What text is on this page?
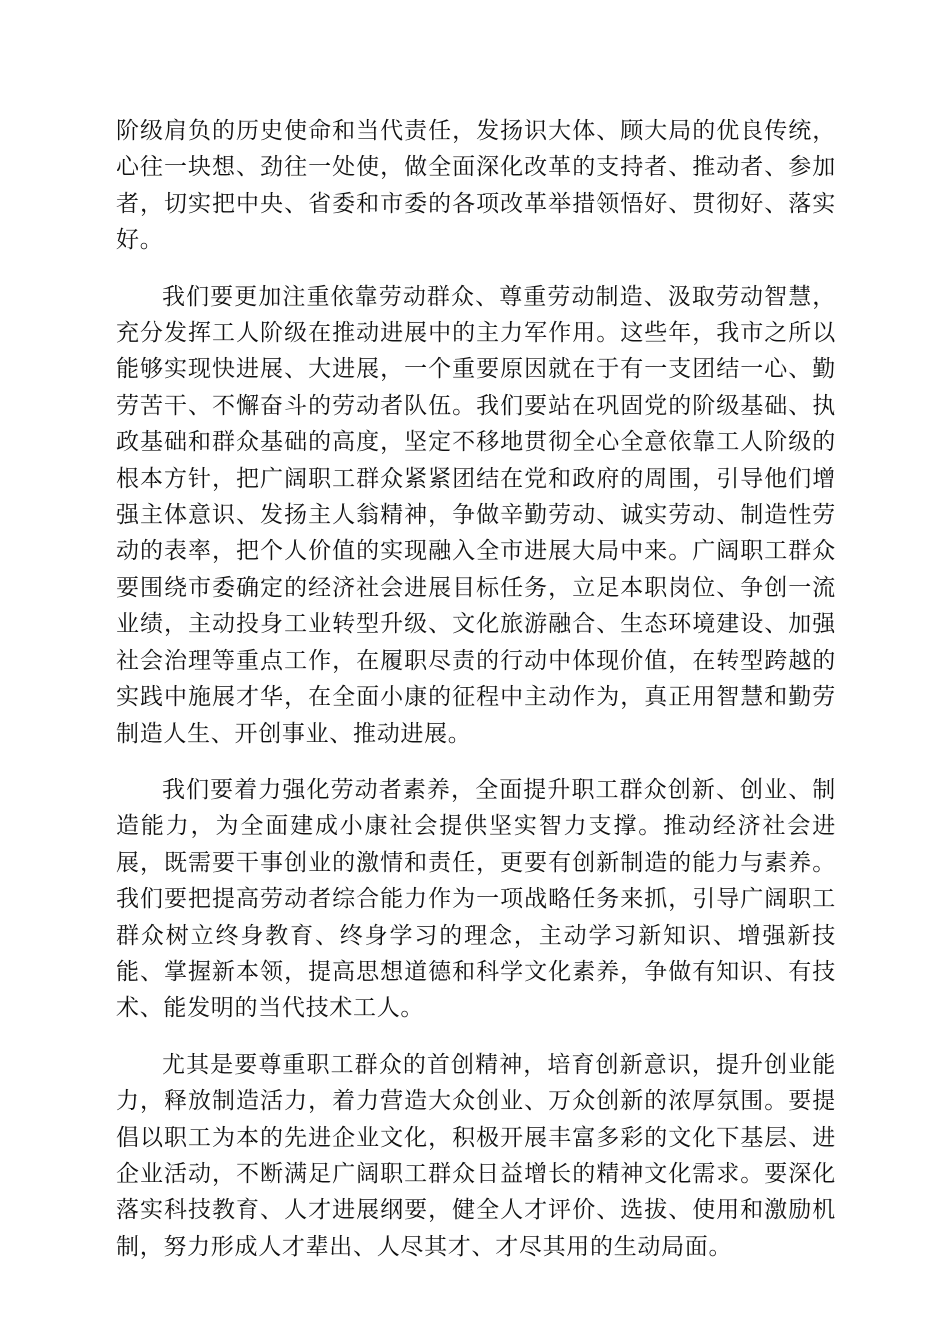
阶级肩负的历史使命和当代责任，发扬识大体、顾大局的优良传统，心往一块想、劲往一处使，做全面深化改革的支持者、推动者、参加者，切实把中央、省委和市委的各项改革举措领悟好、贯彻好、落实好。

我们要更加注重依靠劳动群众、尊重劳动制造、汲取劳动智慧，充分发挥工人阶级在推动进展中的主力军作用。这些年，我市之所以能够实现快进展、大进展，一个重要原因就在于有一支团结一心、勤劳苦干、不懈奋斗的劳动者队伍。我们要站在巩固党的阶级基础、执政基础和群众基础的高度，坚定不移地贯彻全心全意依靠工人阶级的根本方针，把广阔职工群众紧紧团结在党和政府的周围，引导他们增强主体意识、发扬主人翁精神，争做辛勤劳动、诚实劳动、制造性劳动的表率，把个人价值的实现融入全市进展大局中来。广阔职工群众要围绕市委确定的经济社会进展目标任务，立足本职岗位、争创一流业绩，主动投身工业转型升级、文化旅游融合、生态环境建设、加强社会治理等重点工作，在履职尽责的行动中体现价值，在转型跨越的实践中施展才华，在全面小康的征程中主动作为，真正用智慧和勤劳制造人生、开创事业、推动进展。

我们要着力强化劳动者素养，全面提升职工群众创新、创业、制造能力，为全面建成小康社会提供坚实智力支撑。推动经济社会进展，既需要干事创业的激情和责任，更要有创新制造的能力与素养。我们要把提高劳动者综合能力作为一项战略任务来抓，引导广阔职工群众树立终身教育、终身学习的理念，主动学习新知识、增强新技能、掌握新本领，提高思想道德和科学文化素养，争做有知识、有技术、能发明的当代技术工人。

尤其是要尊重职工群众的首创精神，培育创新意识，提升创业能力，释放制造活力，着力营造大众创业、万众创新的浓厚氛围。要提倡以职工为本的先进企业文化，积极开展丰富多彩的文化下基层、进企业活动，不断满足广阔职工群众日益增长的精神文化需求。要深化落实科技教育、人才进展纲要，健全人才评价、选拔、使用和激励机制，努力形成人才辈出、人尽其才、才尽其用的生动局面。
